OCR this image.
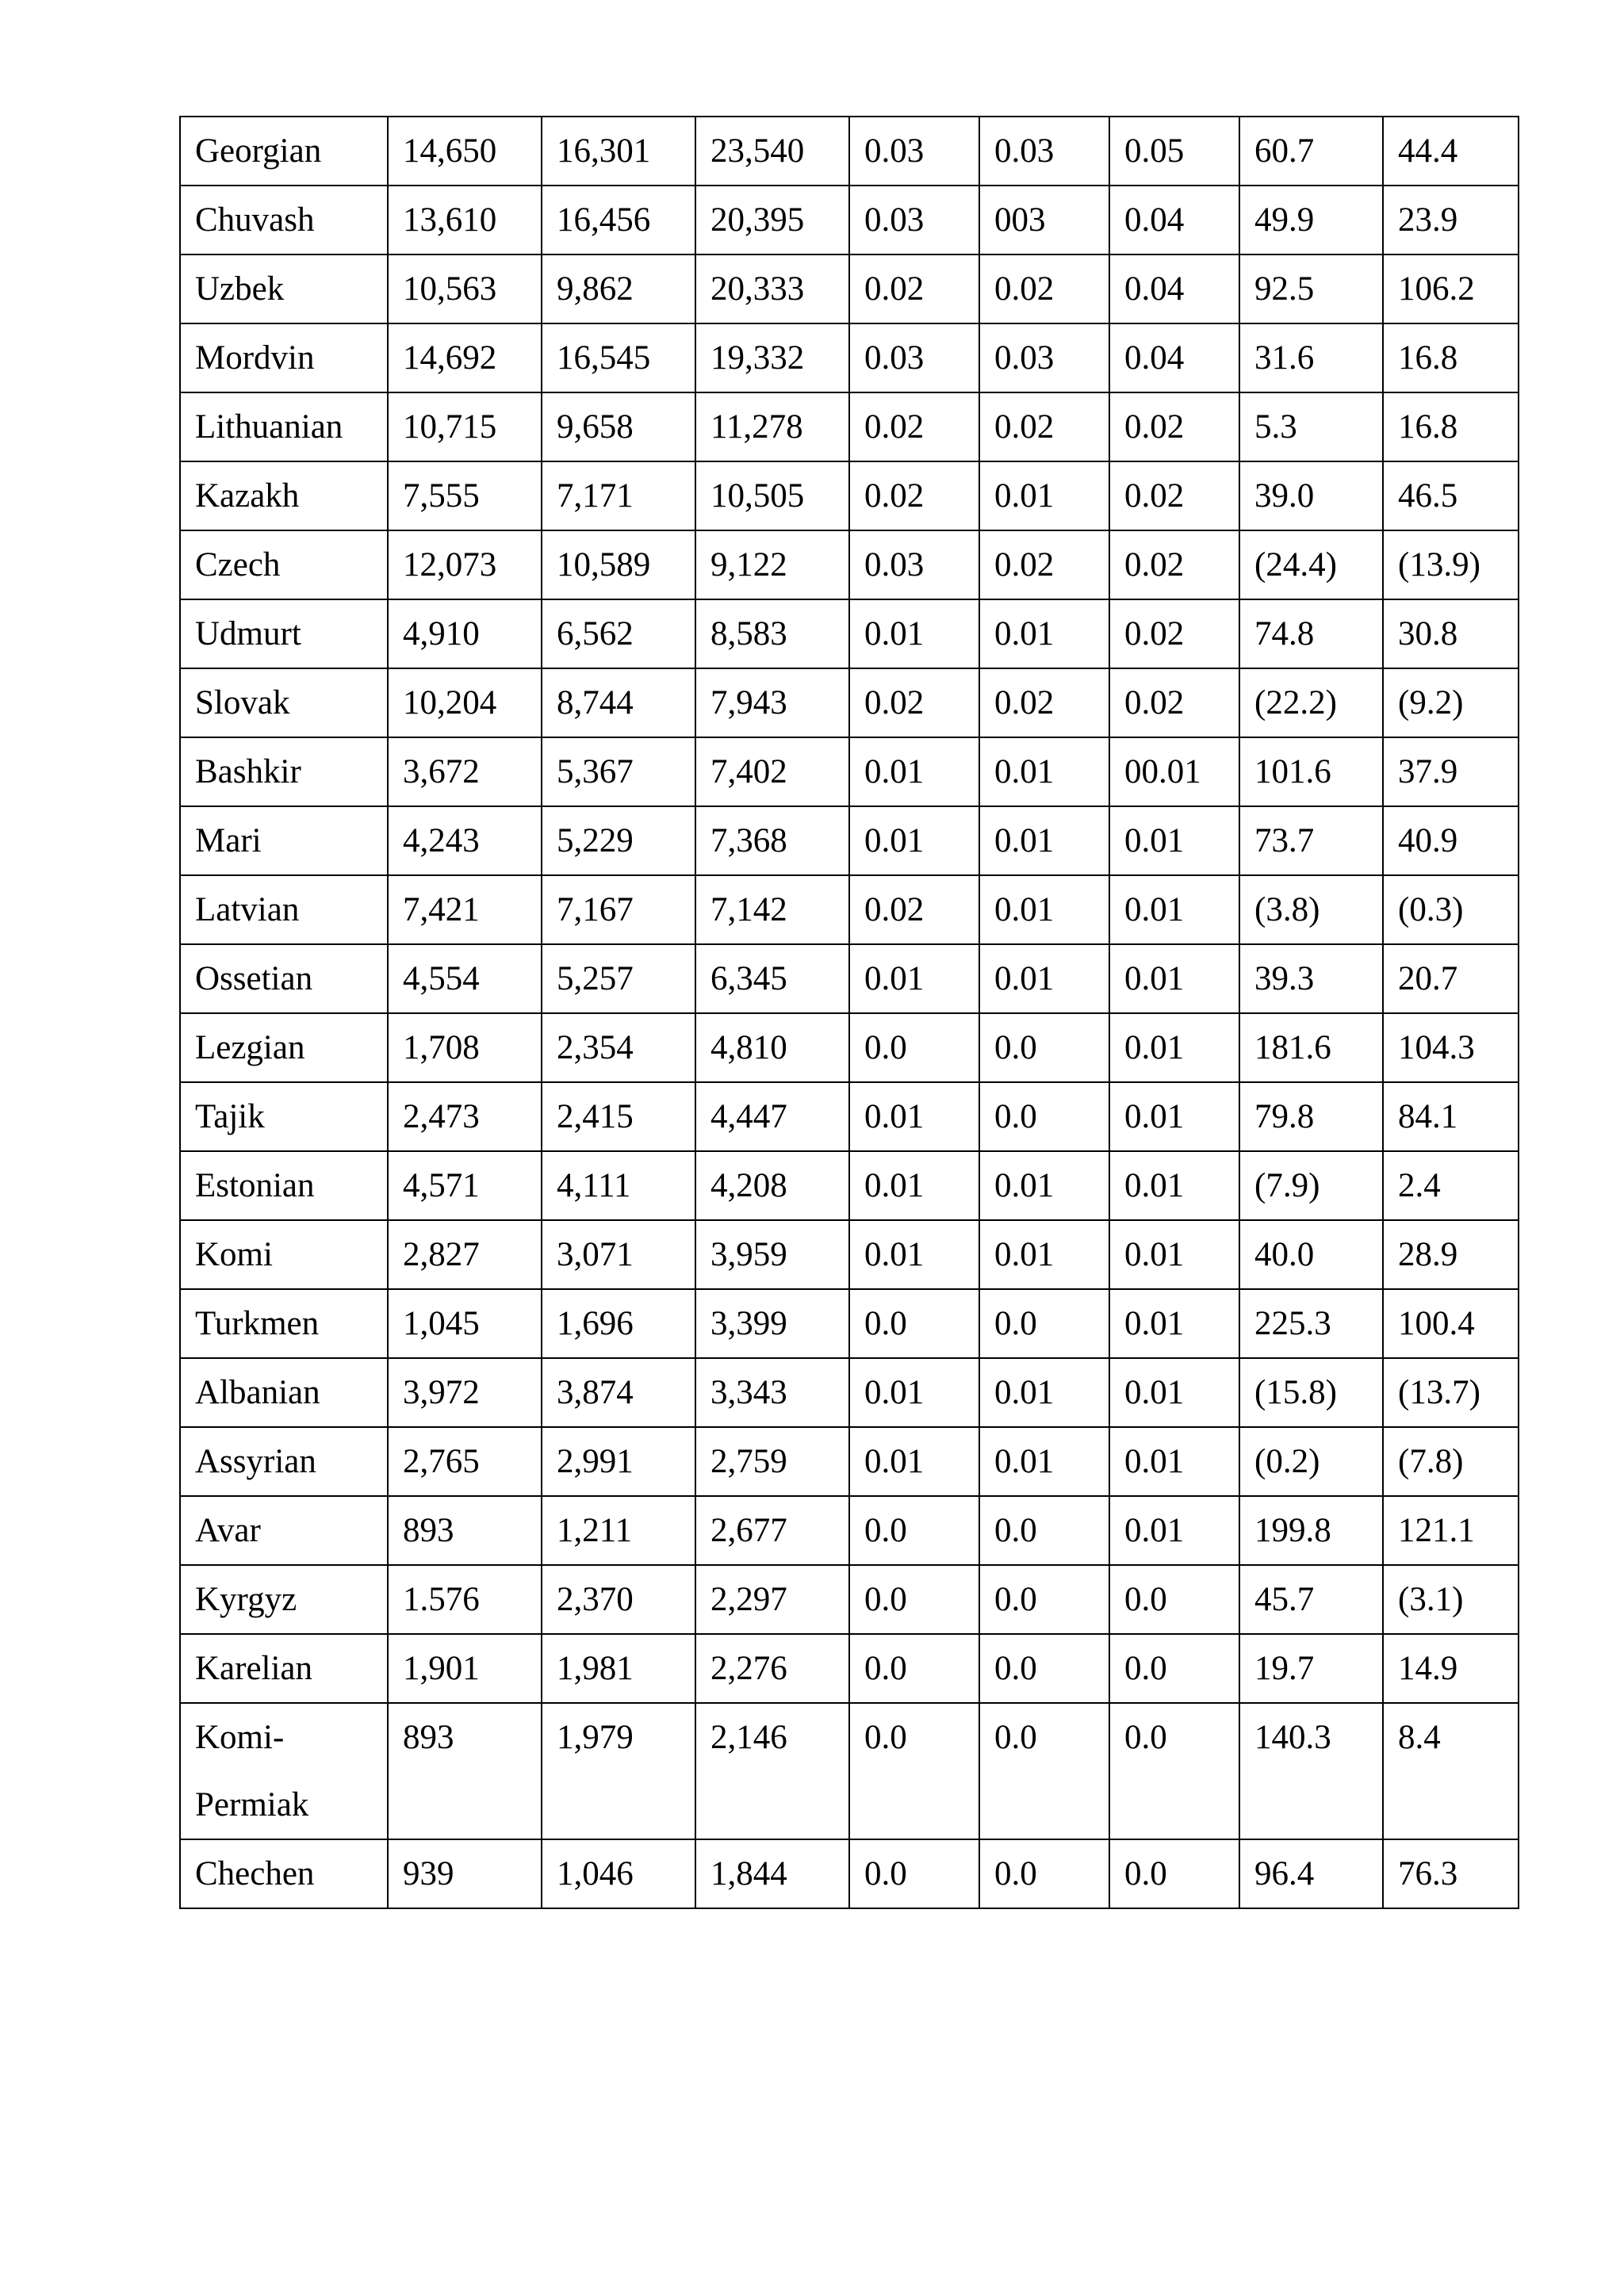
Georgian	14,650	16,301	23,540	0.03	0.03	0.05	60.7	44.4
Chuvash	13,610	16,456	20,395	0.03	003	0.04	49.9	23.9
Uzbek	10,563	9,862	20,333	0.02	0.02	0.04	92.5	106.2
Mordvin	14,692	16,545	19,332	0.03	0.03	0.04	31.6	16.8
Lithuanian	10,715	9,658	11,278	0.02	0.02	0.02	5.3	16.8
Kazakh	7,555	7,171	10,505	0.02	0.01	0.02	39.0	46.5
Czech	12,073	10,589	9,122	0.03	0.02	0.02	(24.4)	(13.9)
Udmurt	4,910	6,562	8,583	0.01	0.01	0.02	74.8	30.8
Slovak	10,204	8,744	7,943	0.02	0.02	0.02	(22.2)	(9.2)
Bashkir	3,672	5,367	7,402	0.01	0.01	00.01	101.6	37.9
Mari	4,243	5,229	7,368	0.01	0.01	0.01	73.7	40.9
Latvian	7,421	7,167	7,142	0.02	0.01	0.01	(3.8)	(0.3)
Ossetian	4,554	5,257	6,345	0.01	0.01	0.01	39.3	20.7
Lezgian	1,708	2,354	4,810	0.0	0.0	0.01	181.6	104.3
Tajik	2,473	2,415	4,447	0.01	0.0	0.01	79.8	84.1
Estonian	4,571	4,111	4,208	0.01	0.01	0.01	(7.9)	2.4
Komi	2,827	3,071	3,959	0.01	0.01	0.01	40.0	28.9
Turkmen	1,045	1,696	3,399	0.0	0.0	0.01	225.3	100.4
Albanian	3,972	3,874	3,343	0.01	0.01	0.01	(15.8)	(13.7)
Assyrian	2,765	2,991	2,759	0.01	0.01	0.01	(0.2)	(7.8)
Avar	893	1,211	2,677	0.0	0.0	0.01	199.8	121.1
Kyrgyz	1.576	2,370	2,297	0.0	0.0	0.0	45.7	(3.1)
Karelian	1,901	1,981	2,276	0.0	0.0	0.0	19.7	14.9
Komi-Permiak	893	1,979	2,146	0.0	0.0	0.0	140.3	8.4
Chechen	939	1,046	1,844	0.0	0.0	0.0	96.4	76.3
